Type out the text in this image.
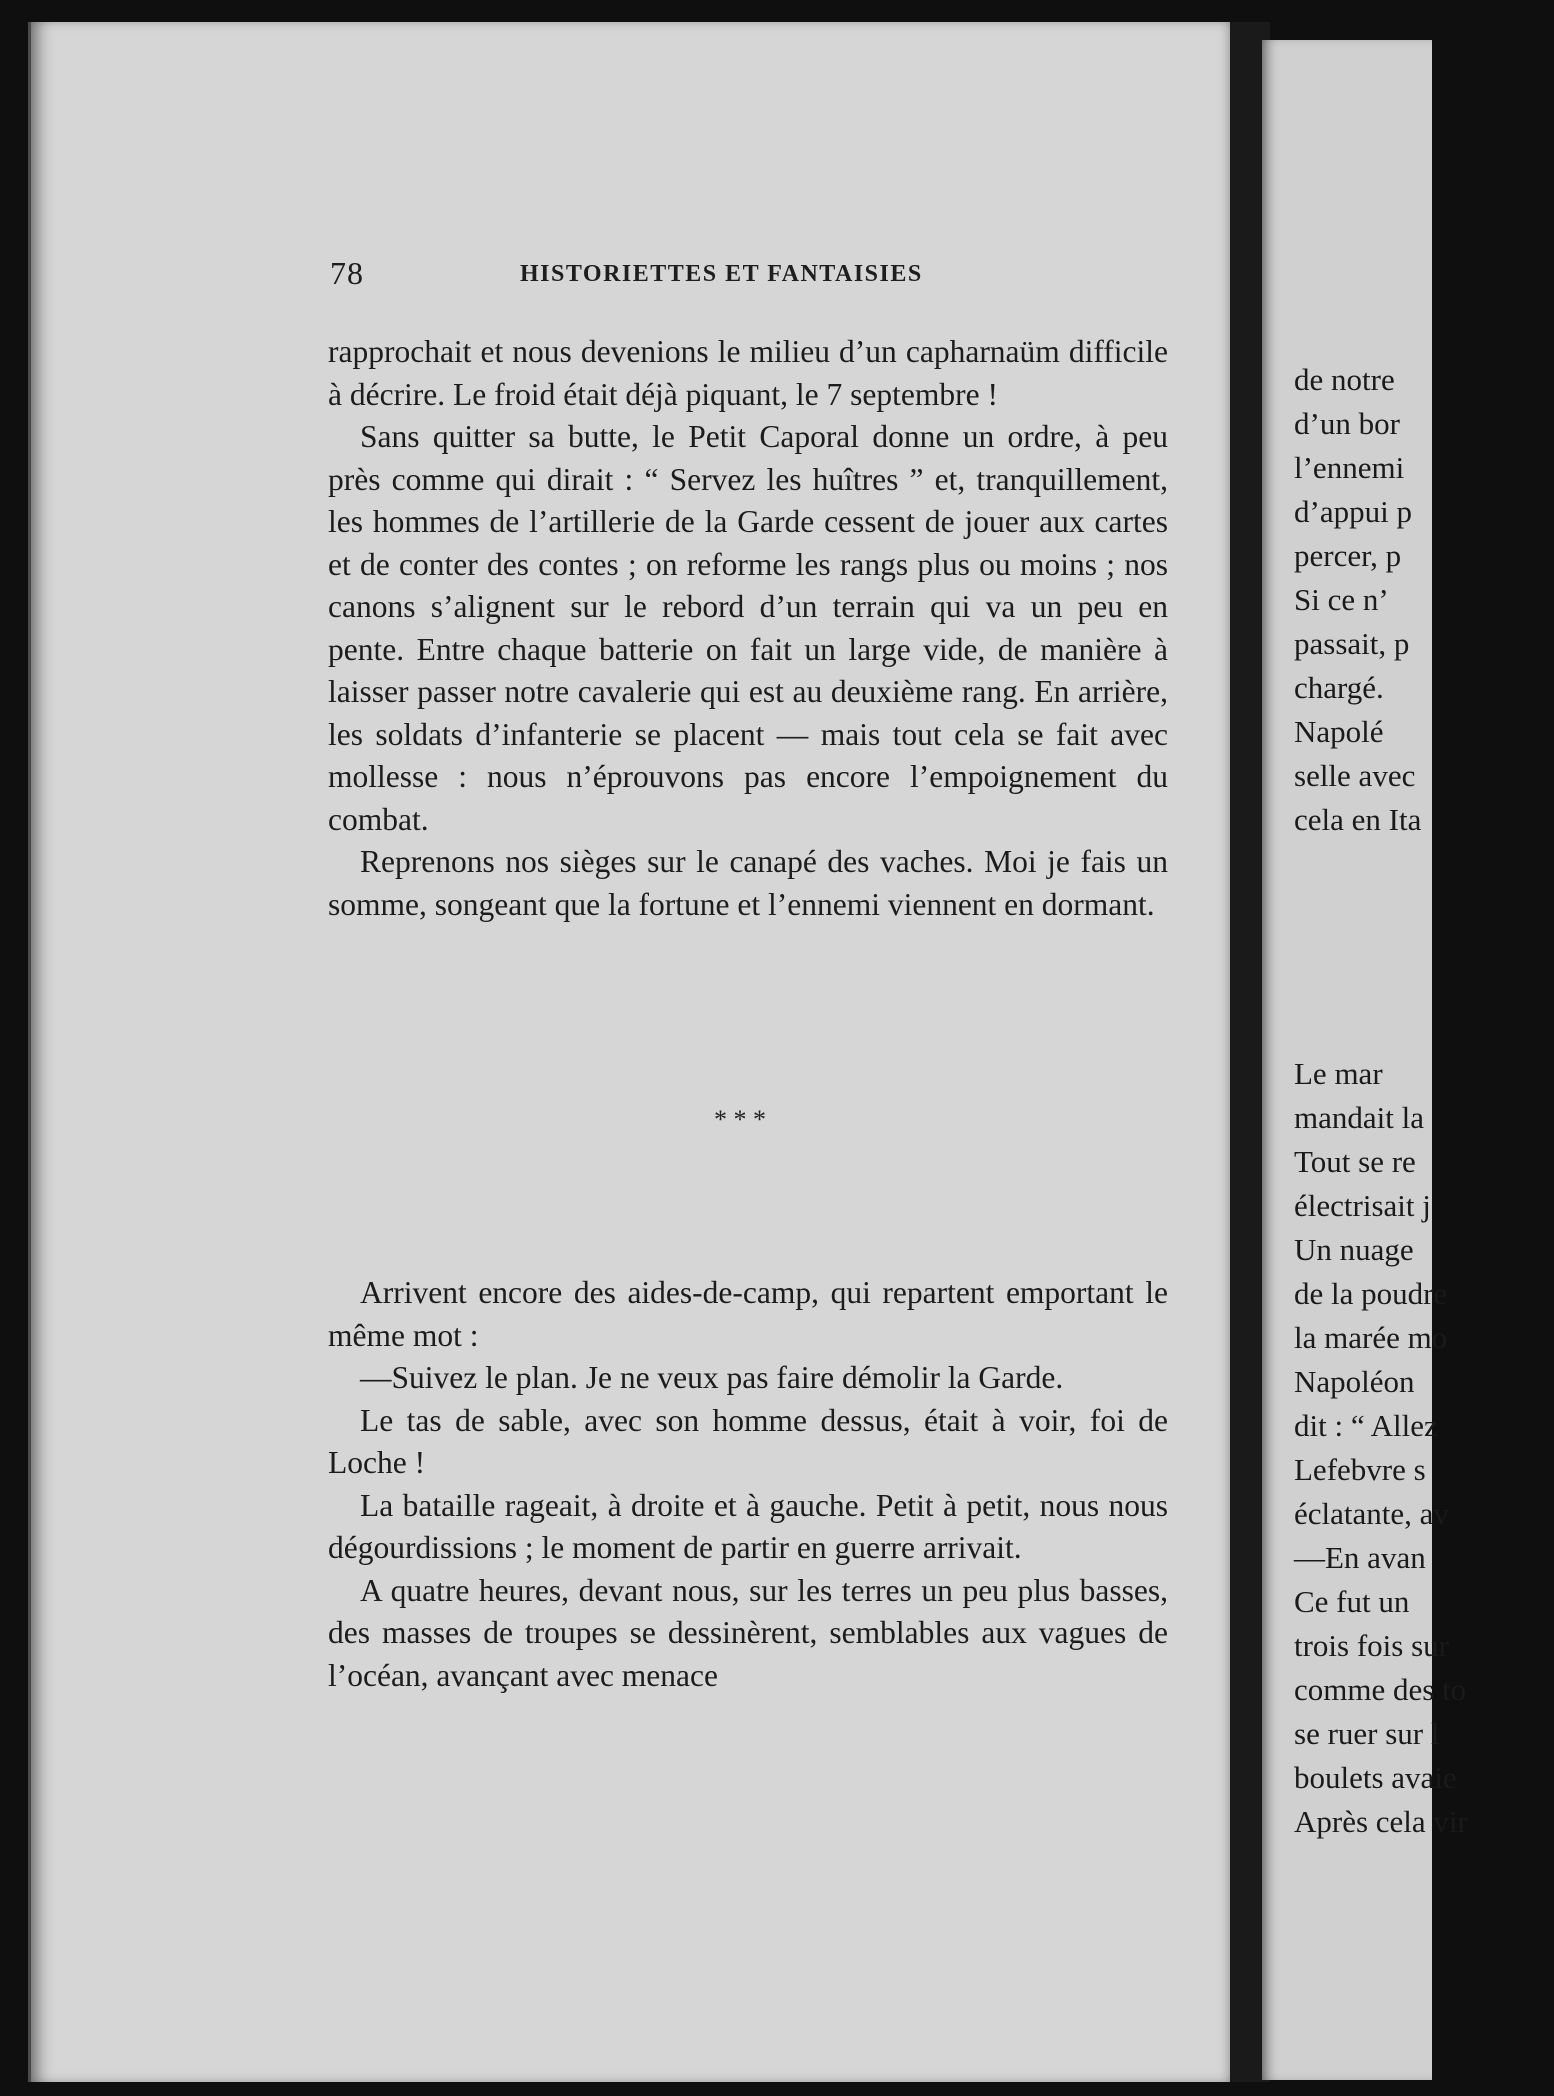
78	HISTORIETTES ET FANTAISIES

rapprochait et nous devenions le milieu d’un capharnaüm difficile à décrire. Le froid était déjà piquant, le 7 septembre !

Sans quitter sa butte, le Petit Caporal donne un ordre, à peu près comme qui dirait : “ Servez les huîtres ” et, tranquillement, les hommes de l’artillerie de la Garde cessent de jouer aux cartes et de conter des contes ; on reforme les rangs plus ou moins ; nos canons s’alignent sur le rebord d’un terrain qui va un peu en pente. Entre chaque batterie on fait un large vide, de manière à laisser passer notre cavalerie qui est au deuxième rang. En arrière, les soldats d’infanterie se placent — mais tout cela se fait avec mollesse : nous n’éprouvons pas encore l’empoignement du combat.

Reprenons nos sièges sur le canapé des vaches. Moi je fais un somme, songeant que la fortune et l’ennemi viennent en dormant.

* * *

Arrivent encore des aides-de-camp, qui repartent emportant le même mot :

—Suivez le plan. Je ne veux pas faire démolir la Garde.

Le tas de sable, avec son homme dessus, était à voir, foi de Loche !

La bataille rageait, à droite et à gauche. Petit à petit, nous nous dégourdissions ; le moment de partir en guerre arrivait.

A quatre heures, devant nous, sur les terres un peu plus basses, des masses de troupes se dessinèrent, semblables aux vagues de l’océan, avançant avec menace

de notre
d’un bor
l’ennemi
d’appui p
percer, p
Si ce n’
passait, p
chargé.
Napolé
selle avec
cela en Ita
Le mar
mandait la
Tout se re
électrisait j
Un nuage
de la poudre
la marée mo
Napoléon
dit : “ Allez
Lefebvre s
éclatante, av
—En avan
Ce fut un
trois fois sur
comme des to
se ruer sur l
boulets avaie
Après cela vir
